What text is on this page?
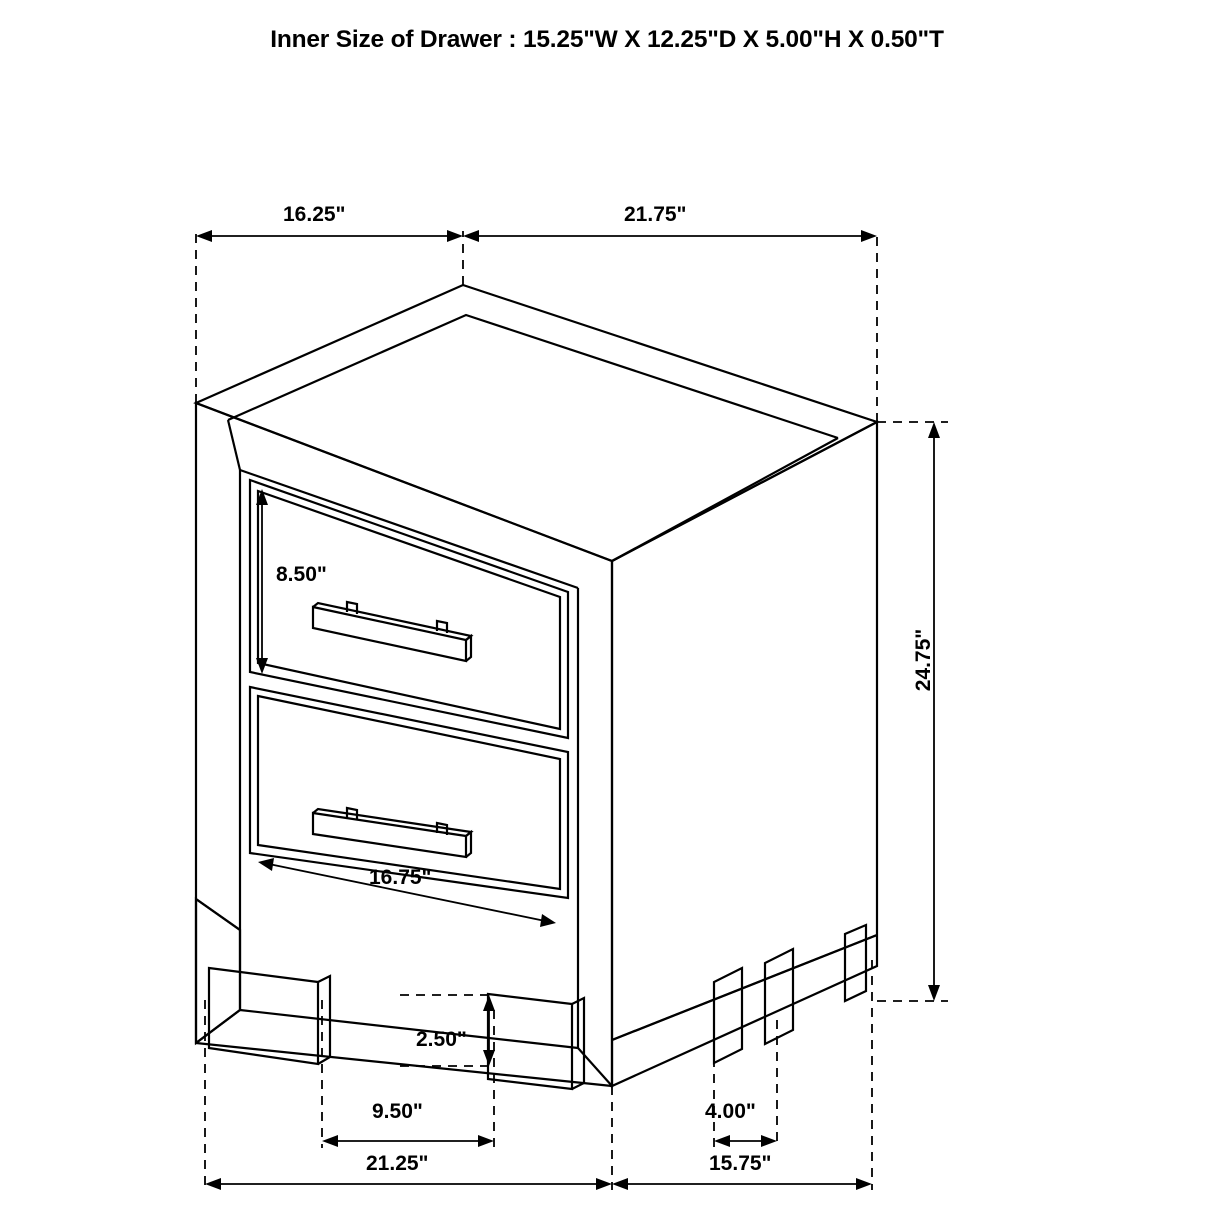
Inner Size of Drawer : 15.25"W X 12.25"D X 5.00"H X 0.50"T
16.25"	21.75"
8.50"
24.75"
16.75"
2.50"
9.50"	4.00"
21.25"	15.75"
